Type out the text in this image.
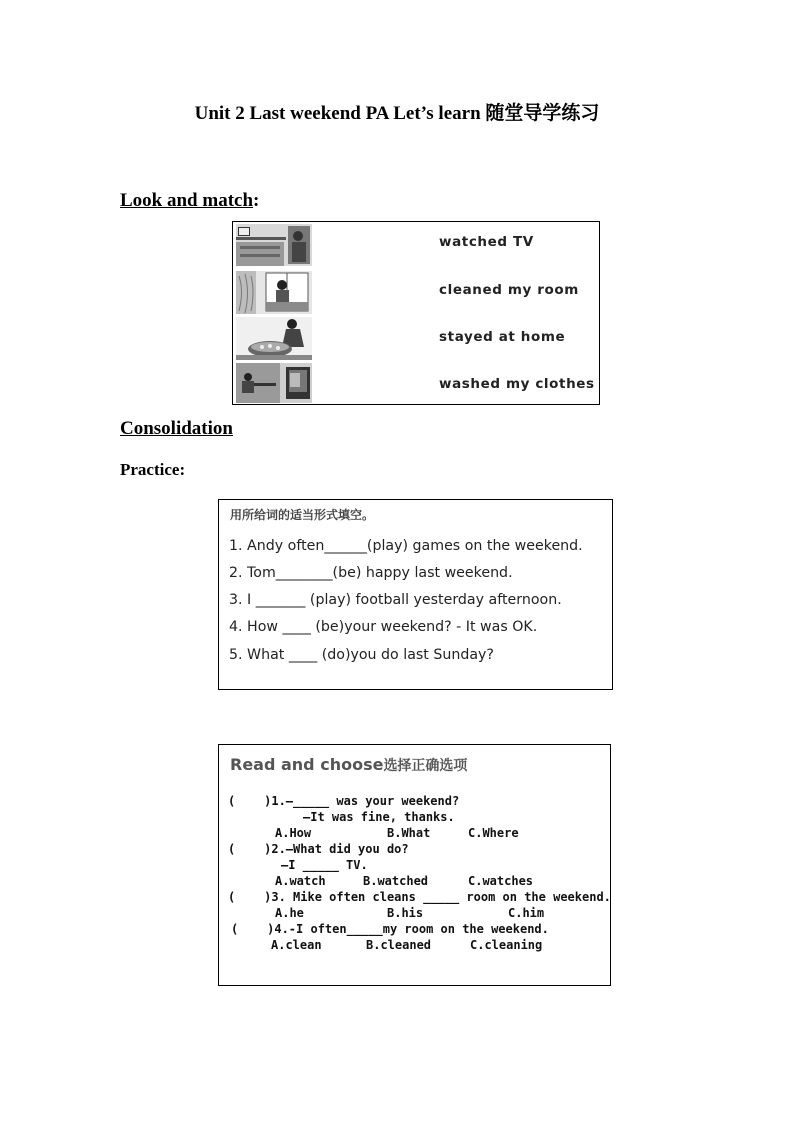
Unit 2 Last weekend PA Let’s learn 随堂导学练习
Look and match:
watched TV
cleaned my room
stayed at home
washed my clothes
Consolidation
Practice:
用所给词的适当形式填空。
1. Andy often______(play) games on the weekend.
2. Tom________(be) happy last weekend.
3. I _______ (play) football yesterday afternoon.
4. How ____ (be)your weekend? - It was OK.
5. What ____ (do)you do last Sunday?
Read and choose选择正确选项
(    )1.—_____ was your weekend?
—It was fine, thanks.
A.How	B.What	C.Where
(    )2.—What did you do?
—I _____ TV.
A.watch	B.watched	C.watches
(    )3. Mike often cleans _____ room on the weekend.
A.he	B.his	C.him
(    )4.-I often_____my room on the weekend.
A.clean	B.cleaned	C.cleaning
